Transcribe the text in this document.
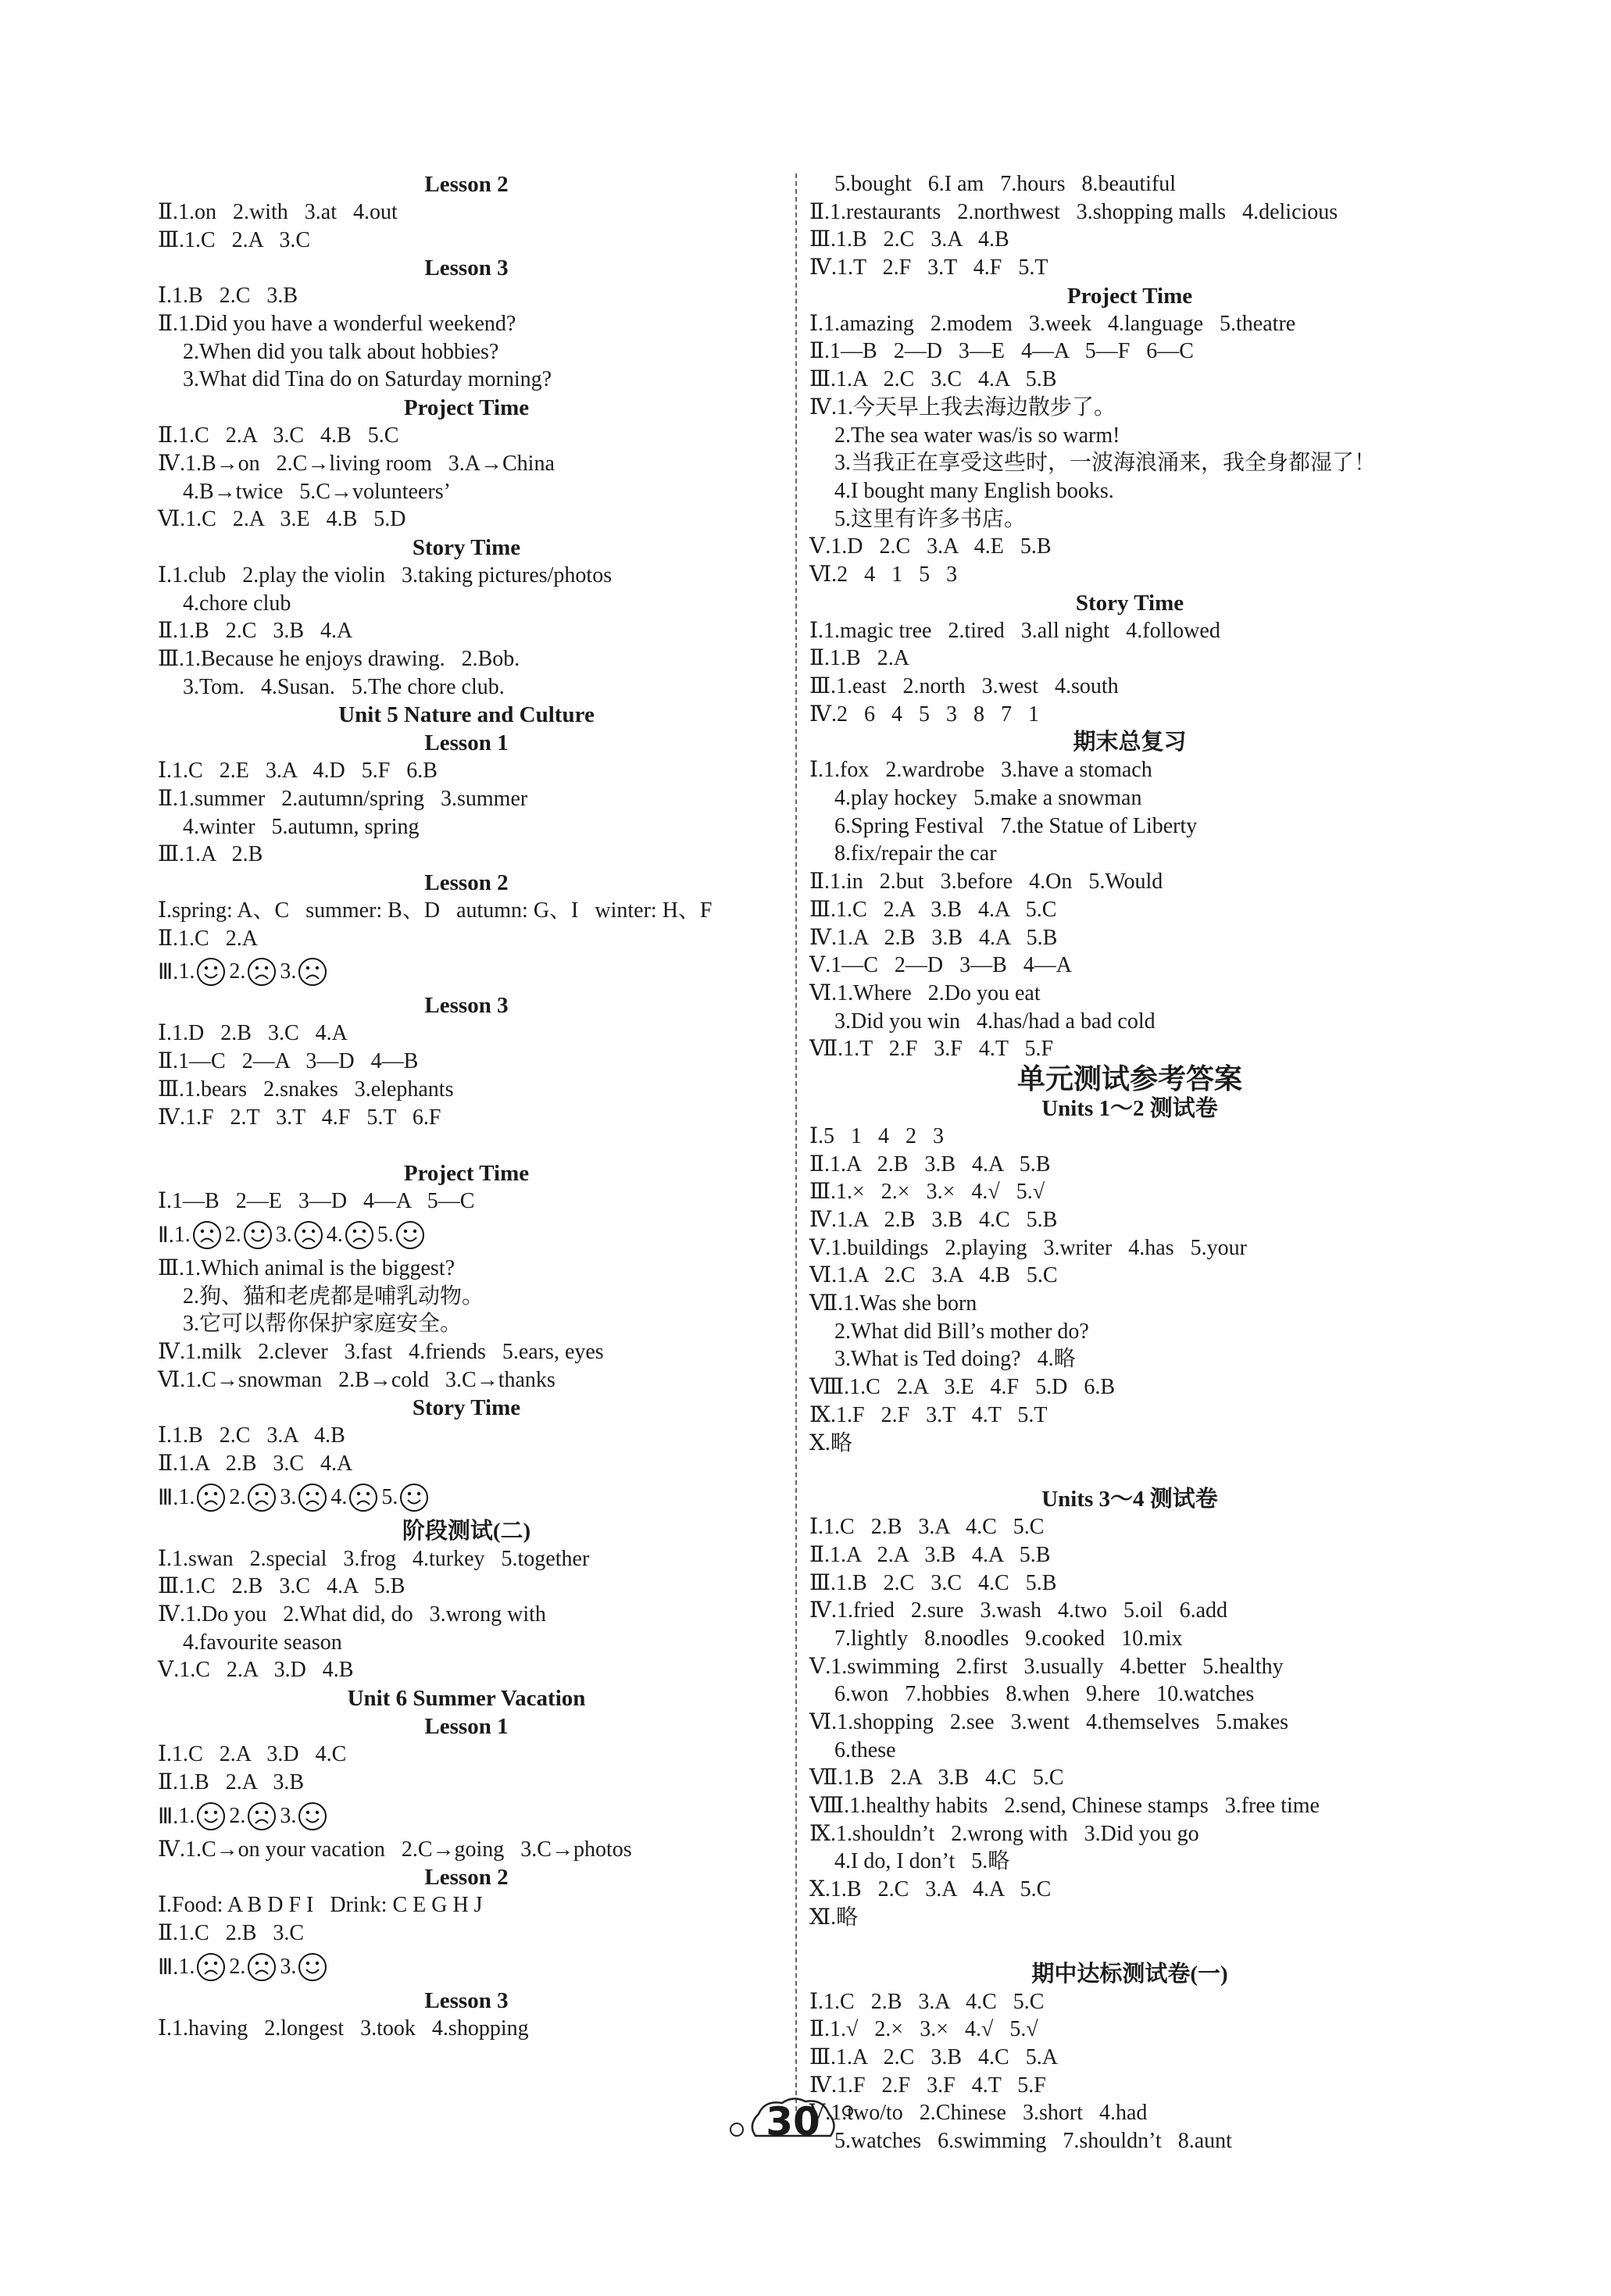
Lesson 2
Ⅱ.1.on   2.with   3.at   4.out
Ⅲ.1.C   2.A   3.C
Lesson 3
Ⅰ.1.B   2.C   3.B
Ⅱ.1.Did you have a wonderful weekend?
2.When did you talk about hobbies?
3.What did Tina do on Saturday morning?
Project Time
Ⅱ.1.C   2.A   3.C   4.B   5.C
Ⅳ.1.B→on   2.C→living room   3.A→China
4.B→twice   5.C→volunteers’
Ⅵ.1.C   2.A   3.E   4.B   5.D
Story Time
Ⅰ.1.club   2.play the violin   3.taking pictures/photos
4.chore club
Ⅱ.1.B   2.C   3.B   4.A
Ⅲ.1.Because he enjoys drawing.   2.Bob.
3.Tom.   4.Susan.   5.The chore club.
Unit 5 Nature and Culture
Lesson 1
Ⅰ.1.C   2.E   3.A   4.D   5.F   6.B
Ⅱ.1.summer   2.autumn/spring   3.summer
4.winter   5.autumn, spring
Ⅲ.1.A   2.B
Lesson 2
Ⅰ.spring: A、C   summer: B、D   autumn: G、I   winter: H、F
Ⅱ.1.C   2.A
Ⅲ. 1. 2. 3.
Lesson 3
Ⅰ.1.D   2.B   3.C   4.A
Ⅱ.1—C   2—A   3—D   4—B
Ⅲ.1.bears   2.snakes   3.elephants
Ⅳ.1.F   2.T   3.T   4.F   5.T   6.F
Project Time
Ⅰ.1—B   2—E   3—D   4—A   5—C
Ⅱ. 1. 2. 3. 4. 5.
Ⅲ.1.Which animal is the biggest?
2.狗、猫和老虎都是哺乳动物。
3.它可以帮你保护家庭安全。
Ⅳ.1.milk   2.clever   3.fast   4.friends   5.ears, eyes
Ⅵ.1.C→snowman   2.B→cold   3.C→thanks
Story Time
Ⅰ.1.B   2.C   3.A   4.B
Ⅱ.1.A   2.B   3.C   4.A
Ⅲ. 1. 2. 3. 4. 5.
阶段测试(二)
Ⅰ.1.swan   2.special   3.frog   4.turkey   5.together
Ⅲ.1.C   2.B   3.C   4.A   5.B
Ⅳ.1.Do you   2.What did, do   3.wrong with
4.favourite season
Ⅴ.1.C   2.A   3.D   4.B
Unit 6 Summer Vacation
Lesson 1
Ⅰ.1.C   2.A   3.D   4.C
Ⅱ.1.B   2.A   3.B
Ⅲ. 1. 2. 3.
Ⅳ.1.C→on your vacation   2.C→going   3.C→photos
Lesson 2
Ⅰ.Food: A B D F I   Drink: C E G H J
Ⅱ.1.C   2.B   3.C
Ⅲ. 1. 2. 3.
Lesson 3
Ⅰ.1.having   2.longest   3.took   4.shopping
5.bought   6.I am   7.hours   8.beautiful
Ⅱ.1.restaurants   2.northwest   3.shopping malls   4.delicious
Ⅲ.1.B   2.C   3.A   4.B
Ⅳ.1.T   2.F   3.T   4.F   5.T
Project Time
Ⅰ.1.amazing   2.modem   3.week   4.language   5.theatre
Ⅱ.1—B   2—D   3—E   4—A   5—F   6—C
Ⅲ.1.A   2.C   3.C   4.A   5.B
Ⅳ.1.今天早上我去海边散步了。
2.The sea water was/is so warm!
3.当我正在享受这些时，一波海浪涌来，我全身都湿了！
4.I bought many English books.
5.这里有许多书店。
Ⅴ.1.D   2.C   3.A   4.E   5.B
Ⅵ.2   4   1   5   3
Story Time
Ⅰ.1.magic tree   2.tired   3.all night   4.followed
Ⅱ.1.B   2.A
Ⅲ.1.east   2.north   3.west   4.south
Ⅳ.2   6   4   5   3   8   7   1
期末总复习
Ⅰ.1.fox   2.wardrobe   3.have a stomach
4.play hockey   5.make a snowman
6.Spring Festival   7.the Statue of Liberty
8.fix/repair the car
Ⅱ.1.in   2.but   3.before   4.On   5.Would
Ⅲ.1.C   2.A   3.B   4.A   5.C
Ⅳ.1.A   2.B   3.B   4.A   5.B
Ⅴ.1—C   2—D   3—B   4—A
Ⅵ.1.Where   2.Do you eat
3.Did you win   4.has/had a bad cold
Ⅶ.1.T   2.F   3.F   4.T   5.F
单元测试参考答案
Units 1～2 测试卷
Ⅰ.5   1   4   2   3
Ⅱ.1.A   2.B   3.B   4.A   5.B
Ⅲ.1.×   2.×   3.×   4.√   5.√
Ⅳ.1.A   2.B   3.B   4.C   5.B
Ⅴ.1.buildings   2.playing   3.writer   4.has   5.your
Ⅵ.1.A   2.C   3.A   4.B   5.C
Ⅶ.1.Was she born
2.What did Bill’s mother do?
3.What is Ted doing?   4.略
Ⅷ.1.C   2.A   3.E   4.F   5.D   6.B
Ⅸ.1.F   2.F   3.T   4.T   5.T
Ⅹ.略
Units 3～4 测试卷
Ⅰ.1.C   2.B   3.A   4.C   5.C
Ⅱ.1.A   2.A   3.B   4.A   5.B
Ⅲ.1.B   2.C   3.C   4.C   5.B
Ⅳ.1.fried   2.sure   3.wash   4.two   5.oil   6.add
7.lightly   8.noodles   9.cooked   10.mix
Ⅴ.1.swimming   2.first   3.usually   4.better   5.healthy
6.won   7.hobbies   8.when   9.here   10.watches
Ⅵ.1.shopping   2.see   3.went   4.themselves   5.makes
6.these
Ⅶ.1.B   2.A   3.B   4.C   5.C
Ⅷ.1.healthy habits   2.send, Chinese stamps   3.free time
Ⅸ.1.shouldn’t   2.wrong with   3.Did you go
4.I do, I don’t   5.略
Ⅹ.1.B   2.C   3.A   4.A   5.C
Ⅺ.略
期中达标测试卷(一)
Ⅰ.1.C   2.B   3.A   4.C   5.C
Ⅱ.1.√   2.×   3.×   4.√   5.√
Ⅲ.1.A   2.C   3.B   4.C   5.A
Ⅳ.1.F   2.F   3.F   4.T   5.F
Ⅴ.1.two/to   2.Chinese   3.short   4.had
5.watches   6.swimming   7.shouldn’t   8.aunt
30
